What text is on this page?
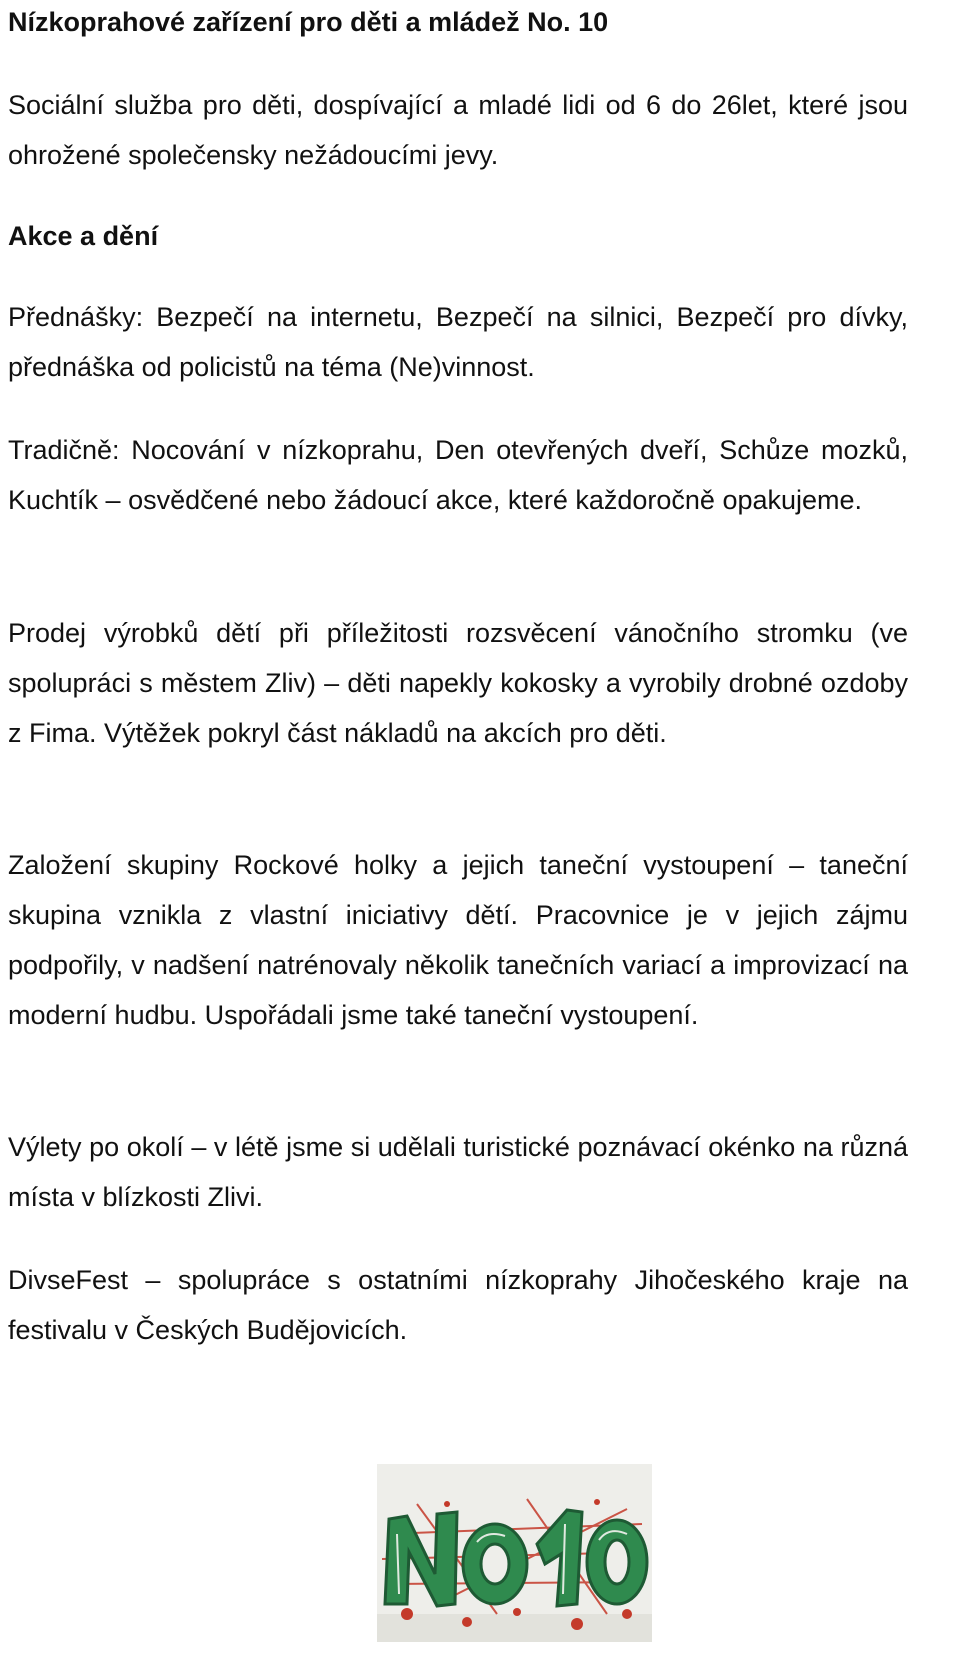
Nízkoprahové zařízení pro děti a mládež No. 10

Sociální služba pro děti, dospívající a mladé lidi od 6 do 26let, které jsou ohrožené společensky nežádoucími jevy.

Akce a dění

Přednášky: Bezpečí na internetu, Bezpečí na silnici, Bezpečí pro dívky, přednáška od policistů na téma (Ne)vinnost.

Tradičně: Nocování v nízkoprahu, Den otevřených dveří, Schůze mozků, Kuchtík – osvědčené nebo žádoucí akce, které každoročně opakujeme.

Prodej výrobků dětí při příležitosti rozsvěcení vánočního stromku (ve spolupráci s městem Zliv) – děti napekly kokosky a vyrobily drobné ozdoby z Fima. Výtěžek pokryl část nákladů na akcích pro děti.

Založení skupiny Rockové holky a jejich taneční vystoupení – taneční skupina vznikla z vlastní iniciativy dětí. Pracovnice je v jejich zájmu podpořily, v nadšení natrénovaly několik tanečních variací a improvizací na moderní hudbu. Uspořádali jsme také taneční vystoupení.

Výlety po okolí – v létě jsme si udělali turistické poznávací okénko na různá místa v blízkosti Zlivi.

DivseFest – spolupráce s ostatními nízkoprahy Jihočeského kraje na festivalu v Českých Budějovicích.
